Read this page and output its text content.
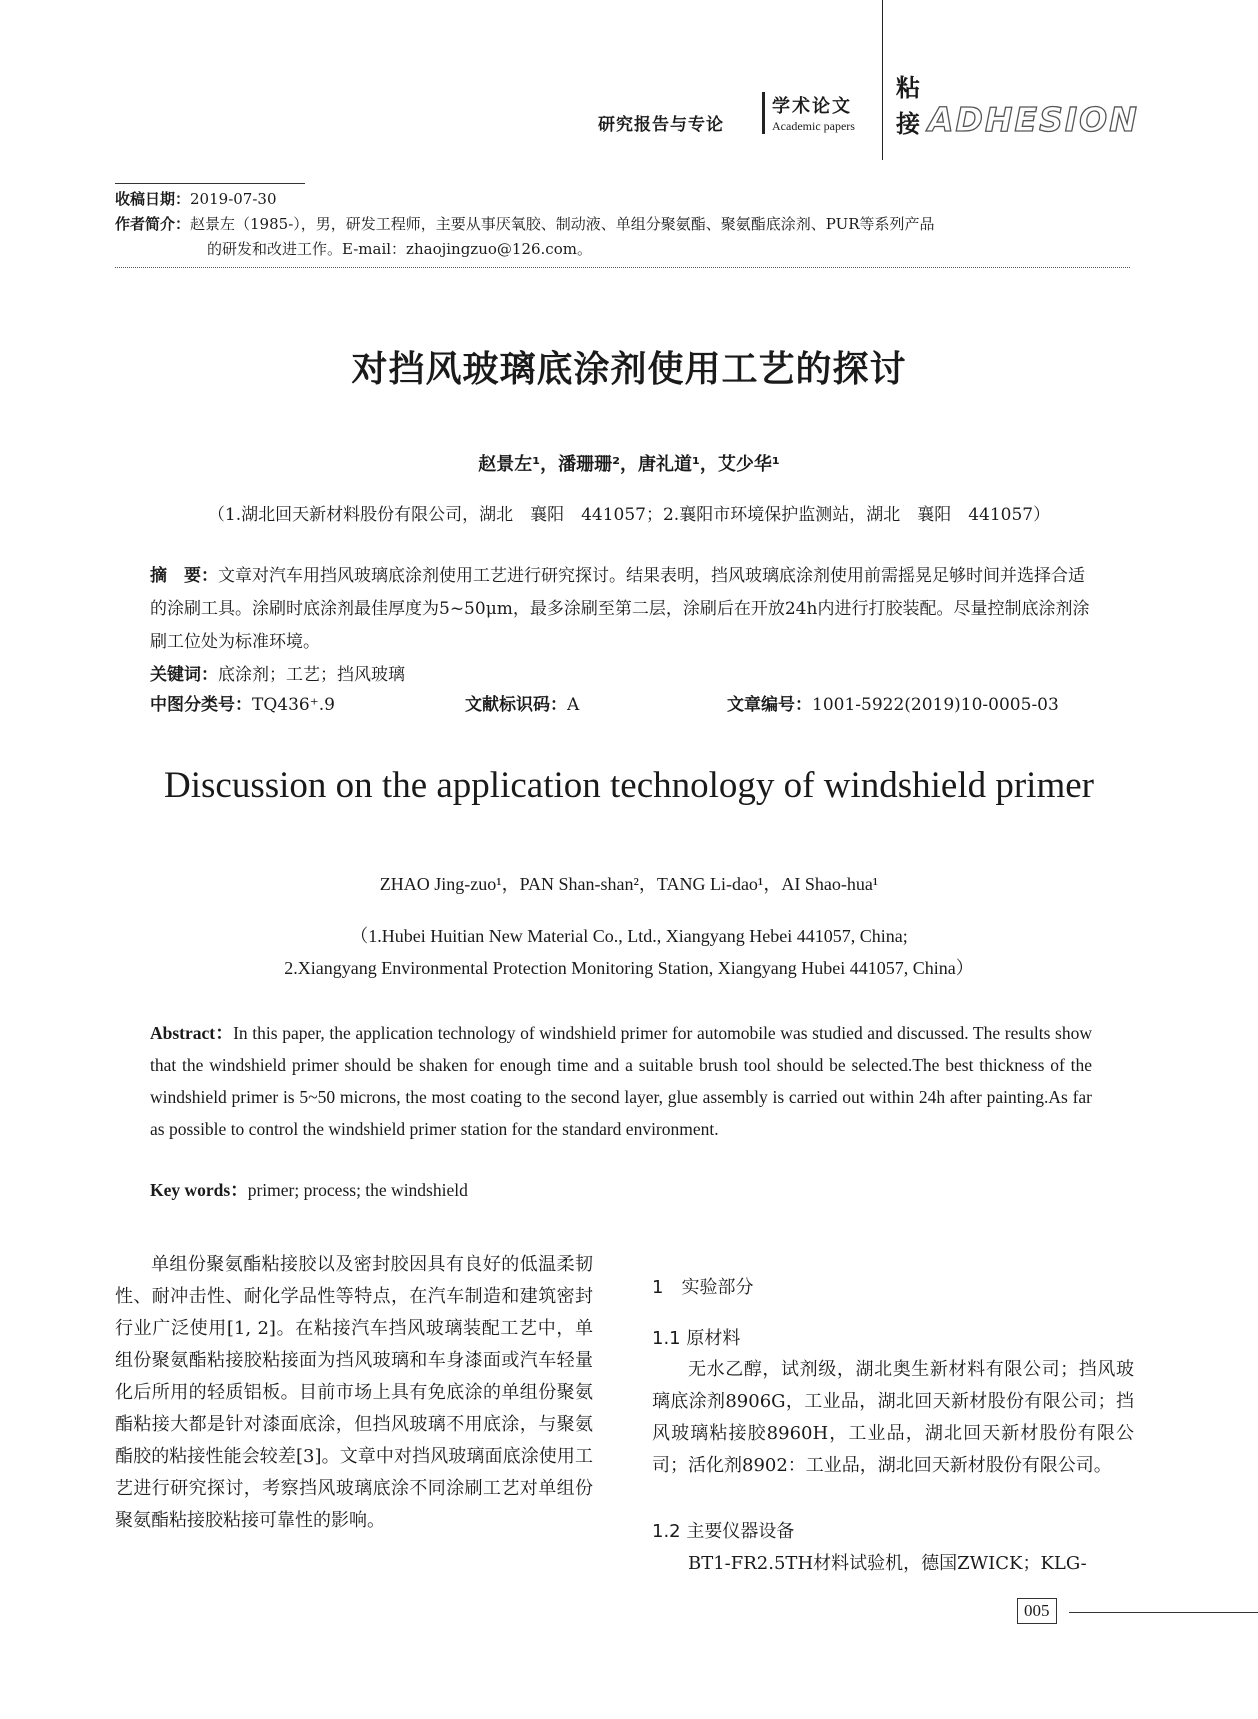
研究报告与专论
学术论文
Academic papers
粘
接 ADHESION
收稿日期：2019-07-30
作者简介：赵景左（1985-），男，研发工程师，主要从事厌氧胶、制动液、单组分聚氨酯、聚氨酯底涂剂、PUR等系列产品
的研发和改进工作。E-mail：zhaojingzuo@126.com。
对挡风玻璃底涂剂使用工艺的探讨
赵景左¹，潘珊珊²，唐礼道¹，艾少华¹
（1.湖北回天新材料股份有限公司，湖北　襄阳　441057；2.襄阳市环境保护监测站，湖北　襄阳　441057）
摘　要：文章对汽车用挡风玻璃底涂剂使用工艺进行研究探讨。结果表明，挡风玻璃底涂剂使用前需摇晃足够时间并选择合适的涂刷工具。涂刷时底涂剂最佳厚度为5~50μm，最多涂刷至第二层，涂刷后在开放24h内进行打胶装配。尽量控制底涂剂涂刷工位处为标准环境。
关键词：底涂剂；工艺；挡风玻璃
中图分类号：TQ436⁺.9	文献标识码：A	文章编号：1001-5922(2019)10-0005-03
Discussion on the application technology of windshield primer
ZHAO Jing-zuo¹，PAN Shan-shan²，TANG Li-dao¹，AI Shao-hua¹
（1.Hubei Huitian New Material Co., Ltd., Xiangyang Hebei 441057, China;
2.Xiangyang Environmental Protection Monitoring Station, Xiangyang Hubei 441057, China）
Abstract：In this paper, the application technology of windshield primer for automobile was studied and discussed. The results show that the windshield primer should be shaken for enough time and a suitable brush tool should be selected.The best thickness of the windshield primer is 5~50 microns, the most coating to the second layer, glue assembly is carried out within 24h after painting.As far as possible to control the windshield primer station for the standard environment.
Key words：primer; process; the windshield
单组份聚氨酯粘接胶以及密封胶因具有良好的低温柔韧性、耐冲击性、耐化学品性等特点，在汽车制造和建筑密封行业广泛使用[1, 2]。在粘接汽车挡风玻璃装配工艺中，单组份聚氨酯粘接胶粘接面为挡风玻璃和车身漆面或汽车轻量化后所用的轻质铝板。目前市场上具有免底涂的单组份聚氨酯粘接大都是针对漆面底涂，但挡风玻璃不用底涂，与聚氨酯胶的粘接性能会较差[3]。文章中对挡风玻璃面底涂使用工艺进行研究探讨，考察挡风玻璃底涂不同涂刷工艺对单组份聚氨酯粘接胶粘接可靠性的影响。
1　实验部分
1.1 原材料
无水乙醇，试剂级，湖北奥生新材料有限公司；挡风玻璃底涂剂8906G，工业品，湖北回天新材股份有限公司；挡风玻璃粘接胶8960H，工业品，湖北回天新材股份有限公司；活化剂8902：工业品，湖北回天新材股份有限公司。
1.2 主要仪器设备
BT1-FR2.5TH材料试验机，德国ZWICK；KLG-
005
